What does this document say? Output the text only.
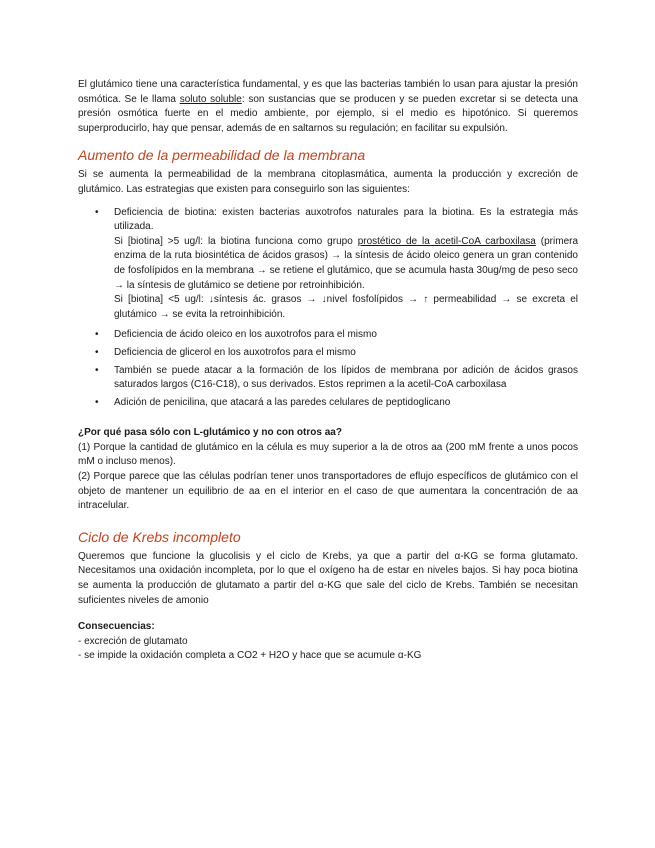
El glutámico tiene una característica fundamental, y es que las bacterias también lo usan para ajustar la presión osmótica. Se le llama soluto soluble: son sustancias que se producen y se pueden excretar si se detecta una presión osmótica fuerte en el medio ambiente, por ejemplo, si el medio es hipotónico. Si queremos superproducirlo, hay que pensar, además de en saltarnos su regulación; en facilitar su expulsión.

Aumento de la permeabilidad de la membrana

Si se aumenta la permeabilidad de la membrana citoplasmática, aumenta la producción y excreción de glutámico. Las estrategias que existen para conseguirlo son las siguientes:

• Deficiencia de biotina: existen bacterias auxotrofos naturales para la biotina. Es la estrategia más utilizada.
Si [biotina] >5 ug/l: la biotina funciona como grupo prostético de la acetil-CoA carboxilasa (primera enzima de la ruta biosintética de ácidos grasos) → la síntesis de ácido oleico genera un gran contenido de fosfolípidos en la membrana → se retiene el glutámico, que se acumula hasta 30ug/mg de peso seco → la síntesis de glutámico se detiene por retroinhibición.
Si [biotina] <5 ug/l: ↓síntesis ác. grasos → ↓nivel fosfolípidos → ↑ permeabilidad → se excreta el glutámico → se evita la retroinhibición.
• Deficiencia de ácido oleico en los auxotrofos para el mismo
• Deficiencia de glicerol en los auxotrofos para el mismo
• También se puede atacar a la formación de los lípidos de membrana por adición de ácidos grasos saturados largos (C16-C18), o sus derivados. Estos reprimen a la acetil-CoA carboxilasa
• Adición de penicilina, que atacará a las paredes celulares de peptidoglicano

¿Por qué pasa sólo con L-glutámico y no con otros aa?

(1) Porque la cantidad de glutámico en la célula es muy superior a la de otros aa (200 mM frente a unos pocos mM o incluso menos).

(2) Porque parece que las células podrían tener unos transportadores de eflujo específicos de glutámico con el objeto de mantener un equilibrio de aa en el interior en el caso de que aumentara la concentración de aa intracelular.

Ciclo de Krebs incompleto

Queremos que funcione la glucolisis y el ciclo de Krebs, ya que a partir del α-KG se forma glutamato. Necesitamos una oxidación incompleta, por lo que el oxígeno ha de estar en niveles bajos. Si hay poca biotina se aumenta la producción de glutamato a partir del α-KG que sale del ciclo de Krebs. También se necesitan suficientes niveles de amonio

Consecuencias:

- excreción de glutamato

- se impide la oxidación completa a CO2 + H2O y hace que se acumule α-KG
